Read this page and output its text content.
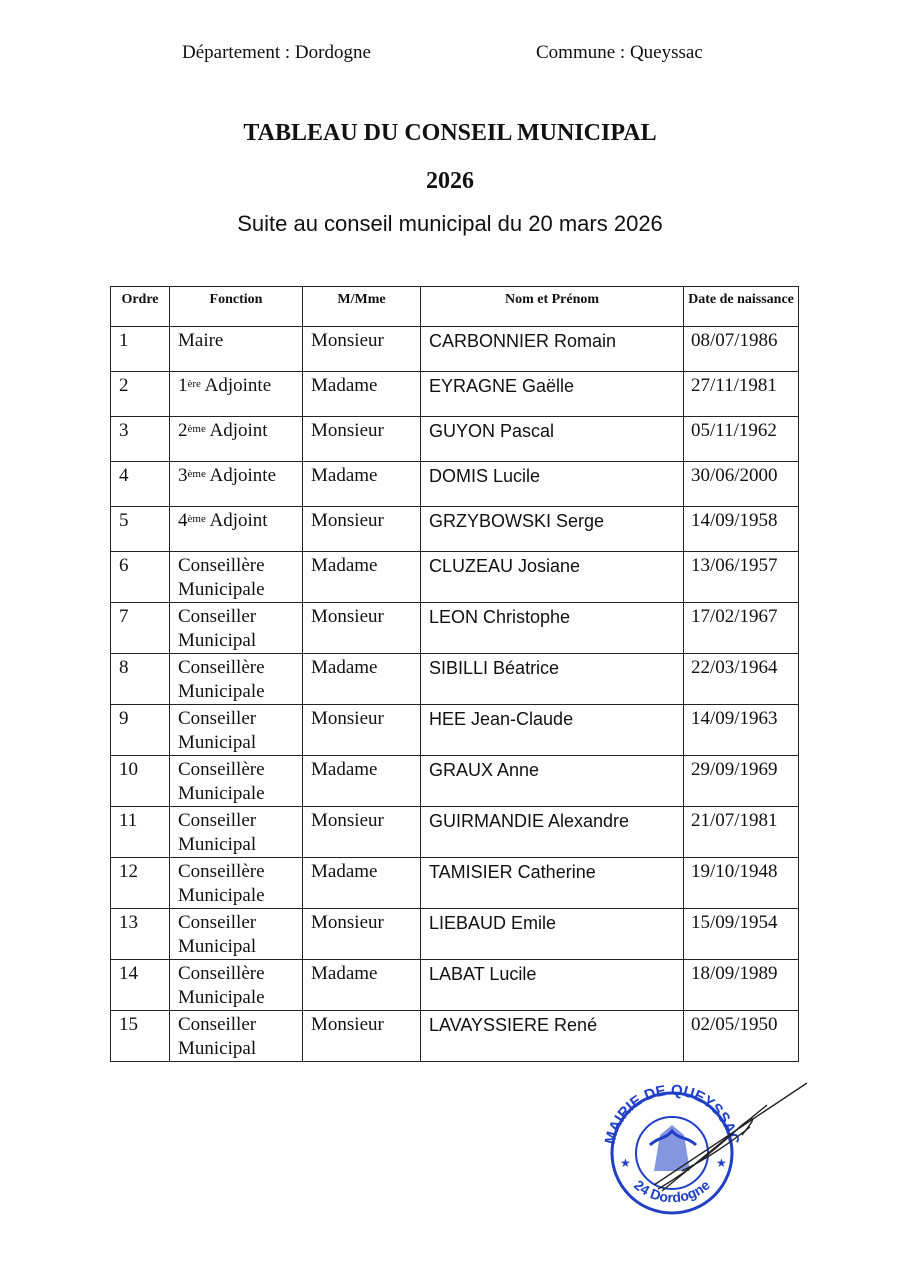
Département : Dordogne	Commune : Queyssac
TABLEAU DU CONSEIL MUNICIPAL
2026
Suite au conseil municipal du 20 mars 2026
Ordre	Fonction	M/Mme	Nom et Prénom	Date de naissance
1	Maire	Monsieur	CARBONNIER Romain	08/07/1986
2	1ère Adjointe	Madame	EYRAGNE Gaëlle	27/11/1981
3	2ème Adjoint	Monsieur	GUYON Pascal	05/11/1962
4	3ème Adjointe	Madame	DOMIS Lucile	30/06/2000
5	4ème Adjoint	Monsieur	GRZYBOWSKI Serge	14/09/1958
6	Conseillère Municipale	Madame	CLUZEAU Josiane	13/06/1957
7	Conseiller Municipal	Monsieur	LEON Christophe	17/02/1967
8	Conseillère Municipale	Madame	SIBILLI Béatrice	22/03/1964
9	Conseiller Municipal	Monsieur	HEE Jean-Claude	14/09/1963
10	Conseillère Municipale	Madame	GRAUX Anne	29/09/1969
11	Conseiller Municipal	Monsieur	GUIRMANDIE Alexandre	21/07/1981
12	Conseillère Municipale	Madame	TAMISIER Catherine	19/10/1948
13	Conseiller Municipal	Monsieur	LIEBAUD Emile	15/09/1954
14	Conseillère Municipale	Madame	LABAT Lucile	18/09/1989
15	Conseiller Municipal	Monsieur	LAVAYSSIERE René	02/05/1950
MAIRIE DE QUEYSSAC
24 Dordogne
★	★
